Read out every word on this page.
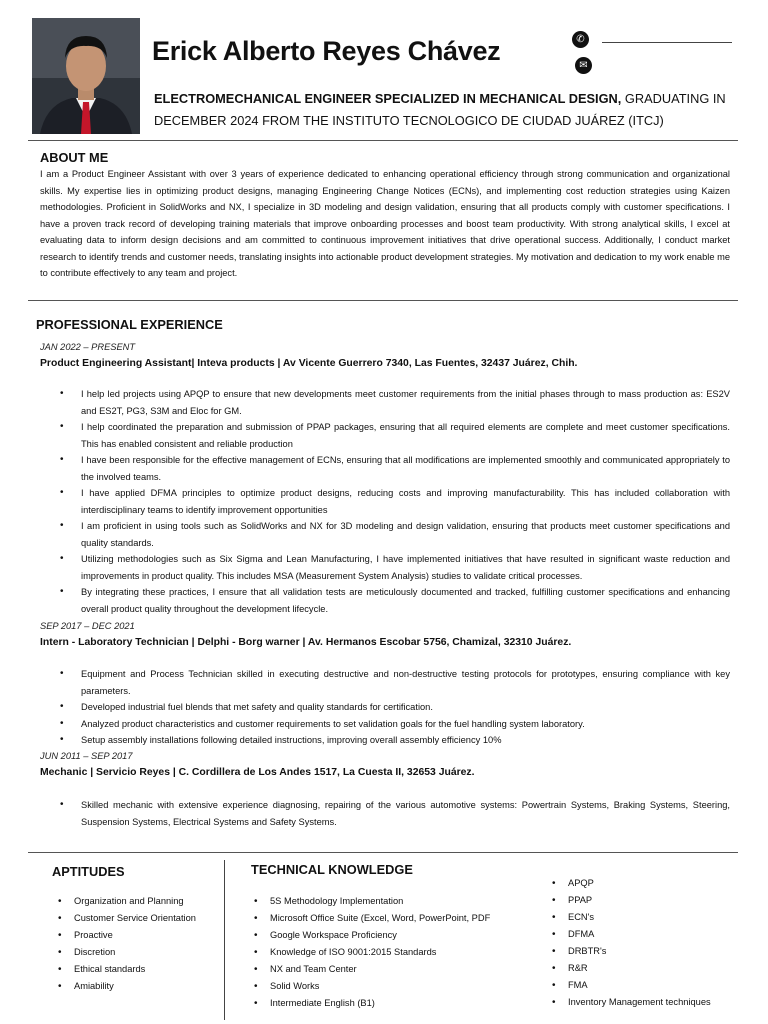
Erick Alberto Reyes Chávez	✆
✉
ELECTROMECHANICAL ENGINEER SPECIALIZED IN MECHANICAL DESIGN, GRADUATING IN DECEMBER 2024 FROM THE INSTITUTO TECNOLOGICO DE CIUDAD JUÁREZ (ITCJ)
ABOUT ME
I am a Product Engineer Assistant with over 3 years of experience dedicated to enhancing operational efficiency through strong communication and organizational skills. My expertise lies in optimizing product designs, managing Engineering Change Notices (ECNs), and implementing cost reduction strategies using Kaizen methodologies. Proficient in SolidWorks and NX, I specialize in 3D modeling and design validation, ensuring that all products comply with customer specifications. I have a proven track record of developing training materials that improve onboarding processes and boost team productivity. With strong analytical skills, I excel at evaluating data to inform design decisions and am committed to continuous improvement initiatives that drive operational success. Additionally, I conduct market research to identify trends and customer needs, translating insights into actionable product development strategies. My motivation and dedication to my work enable me to contribute effectively to any team and project.
PROFESSIONAL EXPERIENCE
JAN 2022 – PRESENT
Product Engineering Assistant| Inteva products | Av Vicente Guerrero 7340, Las Fuentes, 32437 Juárez, Chih.
• I help led projects using APQP to ensure that new developments meet customer requirements from the initial phases through to mass production as: ES2V and ES2T, PG3, S3M and Eloc for GM.
• I help coordinated the preparation and submission of PPAP packages, ensuring that all required elements are complete and meet customer specifications. This has enabled consistent and reliable production
• I have been responsible for the effective management of ECNs, ensuring that all modifications are implemented smoothly and communicated appropriately to the involved teams.
• I have applied DFMA principles to optimize product designs, reducing costs and improving manufacturability. This has included collaboration with interdisciplinary teams to identify improvement opportunities
• I am proficient in using tools such as SolidWorks and NX for 3D modeling and design validation, ensuring that products meet customer specifications and quality standards.
• Utilizing methodologies such as Six Sigma and Lean Manufacturing, I have implemented initiatives that have resulted in significant waste reduction and improvements in product quality. This includes MSA (Measurement System Analysis) studies to validate critical processes.
• By integrating these practices, I ensure that all validation tests are meticulously documented and tracked, fulfilling customer specifications and enhancing overall product quality throughout the development lifecycle.
SEP 2017 – DEC 2021
Intern - Laboratory Technician | Delphi - Borg warner | Av. Hermanos Escobar 5756, Chamizal, 32310 Juárez.
• Equipment and Process Technician skilled in executing destructive and non-destructive testing protocols for prototypes, ensuring compliance with key parameters.
• Developed industrial fuel blends that met safety and quality standards for certification.
• Analyzed product characteristics and customer requirements to set validation goals for the fuel handling system laboratory.
• Setup assembly installations following detailed instructions, improving overall assembly efficiency 10%
JUN 2011 – SEP 2017
Mechanic | Servicio Reyes | C. Cordillera de Los Andes 1517, La Cuesta II, 32653 Juárez.
• Skilled mechanic with extensive experience diagnosing, repairing of the various automotive systems: Powertrain Systems, Braking Systems, Steering, Suspension Systems, Electrical Systems and Safety Systems.
APTITUDES
• Organization and Planning
• Customer Service Orientation
• Proactive
• Discretion
• Ethical standards
• Amiability
TECHNICAL KNOWLEDGE
• 5S Methodology Implementation
• Microsoft Office Suite (Excel, Word, PowerPoint, PDF
• Google Workspace Proficiency
• Knowledge of ISO 9001:2015 Standards
• NX and Team Center
• Solid Works
• Intermediate English (B1)
• APQP
• PPAP
• ECN's
• DFMA
• DRBTR's
• R&R
• FMA
• Inventory Management techniques
